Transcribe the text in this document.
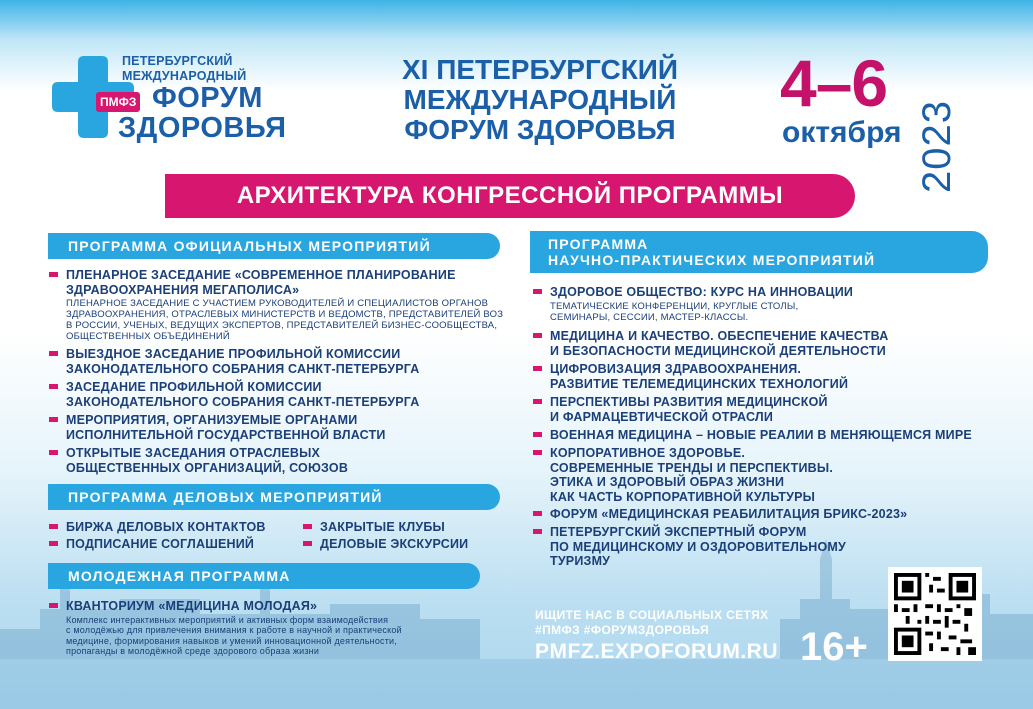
ПЕТЕРБУРГСКИЙ
МЕЖДУНАРОДНЫЙ
ПМФЗ ФОРУМ
ЗДОРОВЬЯ
XI ПЕТЕРБУРГСКИЙ
МЕЖДУНАРОДНЫЙ
ФОРУМ ЗДОРОВЬЯ
4–6
октября 2023
АРХИТЕКТУРА КОНГРЕССНОЙ ПРОГРАММЫ
ПРОГРАММА ОФИЦИАЛЬНЫХ МЕРОПРИЯТИЙ
ПЛЕНАРНОЕ ЗАСЕДАНИЕ «СОВРЕМЕННОЕ ПЛАНИРОВАНИЕ
ЗДРАВООХРАНЕНИЯ МЕГАПОЛИСА»
ПЛЕНАРНОЕ ЗАСЕДАНИЕ С УЧАСТИЕМ РУКОВОДИТЕЛЕЙ И СПЕЦИАЛИСТОВ ОРГАНОВ
ЗДРАВООХРАНЕНИЯ, ОТРАСЛЕВЫХ МИНИСТЕРСТВ И ВЕДОМСТВ, ПРЕДСТАВИТЕЛЕЙ ВОЗ
В РОССИИ, УЧЕНЫХ, ВЕДУЩИХ ЭКСПЕРТОВ, ПРЕДСТАВИТЕЛЕЙ БИЗНЕС-СООБЩЕСТВА,
ОБЩЕСТВЕННЫХ ОБЪЕДИНЕНИЙ
ВЫЕЗДНОЕ ЗАСЕДАНИЕ ПРОФИЛЬНОЙ КОМИССИИ
ЗАКОНОДАТЕЛЬНОГО СОБРАНИЯ САНКТ-ПЕТЕРБУРГА
ЗАСЕДАНИЕ ПРОФИЛЬНОЙ КОМИССИИ
ЗАКОНОДАТЕЛЬНОГО СОБРАНИЯ САНКТ-ПЕТЕРБУРГА
МЕРОПРИЯТИЯ, ОРГАНИЗУЕМЫЕ ОРГАНАМИ
ИСПОЛНИТЕЛЬНОЙ ГОСУДАРСТВЕННОЙ ВЛАСТИ
ОТКРЫТЫЕ ЗАСЕДАНИЯ ОТРАСЛЕВЫХ
ОБЩЕСТВЕННЫХ ОРГАНИЗАЦИЙ, СОЮЗОВ
ПРОГРАММА ДЕЛОВЫХ МЕРОПРИЯТИЙ
БИРЖА ДЕЛОВЫХ КОНТАКТОВ
ПОДПИСАНИЕ СОГЛАШЕНИЙ
ЗАКРЫТЫЕ КЛУБЫ
ДЕЛОВЫЕ ЭКСКУРСИИ
МОЛОДЕЖНАЯ ПРОГРАММА
КВАНТОРИУМ «МЕДИЦИНА МОЛОДАЯ»
Комплекс интерактивных мероприятий и активных форм взаимодействия
с молодёжью для привлечения внимания к работе в научной и практической
медицине, формирования навыков и умений инновационной деятельности,
пропаганды в молодёжной среде здорового образа жизни
ПРОГРАММА
НАУЧНО-ПРАКТИЧЕСКИХ МЕРОПРИЯТИЙ
ЗДОРОВОЕ ОБЩЕСТВО: КУРС НА ИННОВАЦИИ
ТЕМАТИЧЕСКИЕ КОНФЕРЕНЦИИ, КРУГЛЫЕ СТОЛЫ,
СЕМИНАРЫ, СЕССИИ, МАСТЕР-КЛАССЫ.
МЕДИЦИНА И КАЧЕСТВО. ОБЕСПЕЧЕНИЕ КАЧЕСТВА
И БЕЗОПАСНОСТИ МЕДИЦИНСКОЙ ДЕЯТЕЛЬНОСТИ
ЦИФРОВИЗАЦИЯ ЗДРАВООХРАНЕНИЯ.
РАЗВИТИЕ ТЕЛЕМЕДИЦИНСКИХ ТЕХНОЛОГИЙ
ПЕРСПЕКТИВЫ РАЗВИТИЯ МЕДИЦИНСКОЙ
И ФАРМАЦЕВТИЧЕСКОЙ ОТРАСЛИ
ВОЕННАЯ МЕДИЦИНА – НОВЫЕ РЕАЛИИ В МЕНЯЮЩЕМСЯ МИРЕ
КОРПОРАТИВНОЕ ЗДОРОВЬЕ.
СОВРЕМЕННЫЕ ТРЕНДЫ И ПЕРСПЕКТИВЫ.
ЭТИКА И ЗДОРОВЫЙ ОБРАЗ ЖИЗНИ
КАК ЧАСТЬ КОРПОРАТИВНОЙ КУЛЬТУРЫ
ФОРУМ «МЕДИЦИНСКАЯ РЕАБИЛИТАЦИЯ БРИКС-2023»
ПЕТЕРБУРГСКИЙ ЭКСПЕРТНЫЙ ФОРУМ
ПО МЕДИЦИНСКОМУ И ОЗДОРОВИТЕЛЬНОМУ
ТУРИЗМУ
ИЩИТЕ НАС В СОЦИАЛЬНЫХ СЕТЯХ
#ПМФЗ #ФОРУМЗДОРОВЬЯ
PMFZ.EXPOFORUM.RU 16+
